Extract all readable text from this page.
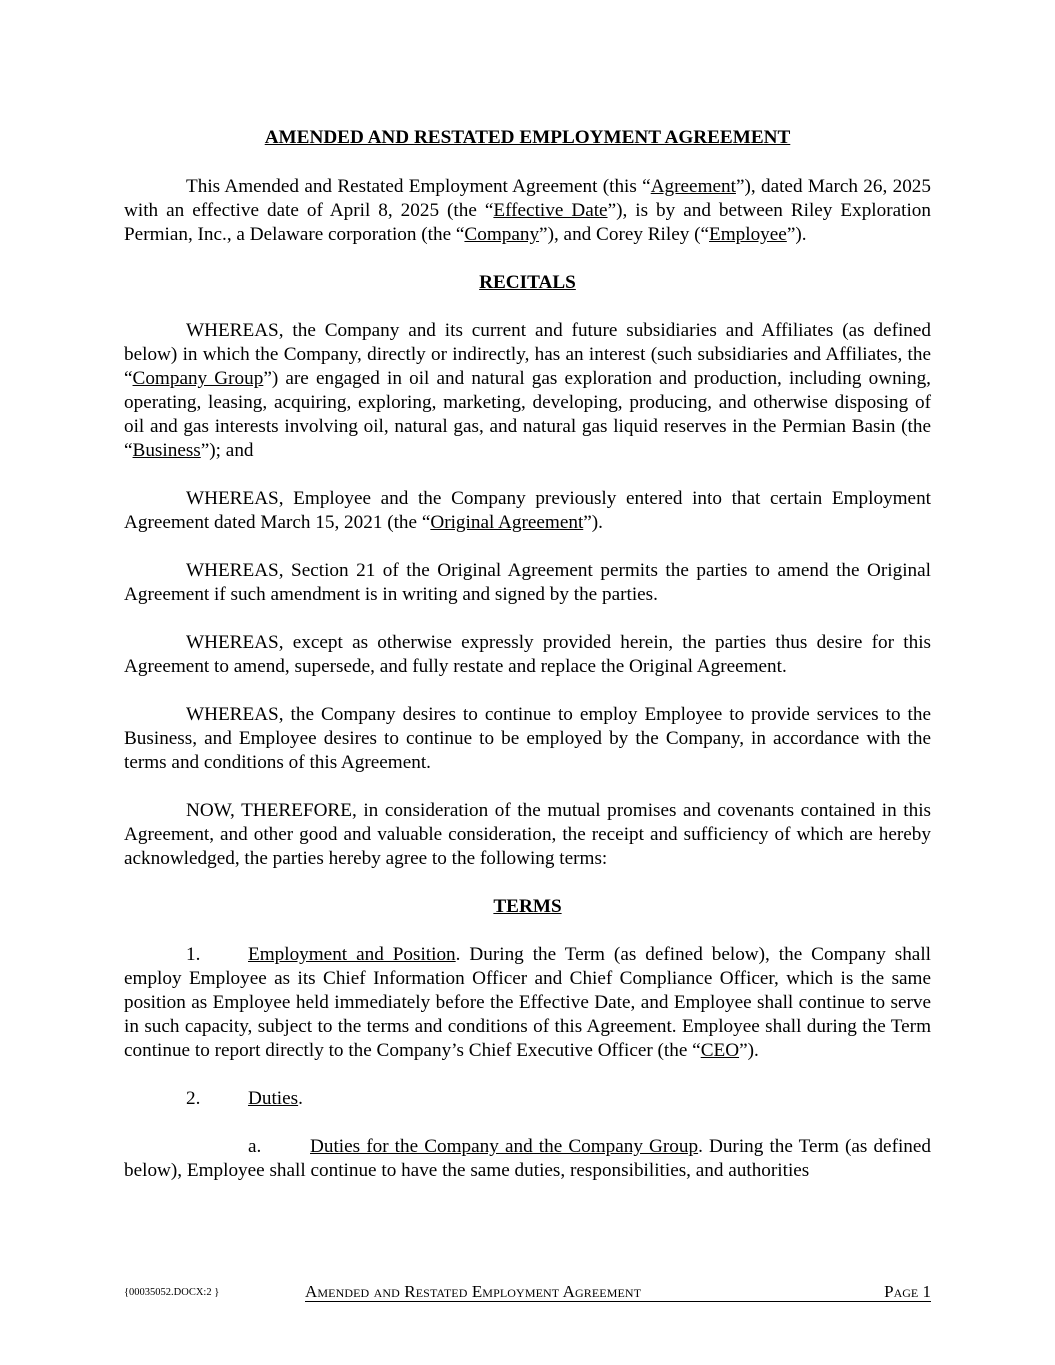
AMENDED AND RESTATED EMPLOYMENT AGREEMENT

This Amended and Restated Employment Agreement (this “Agreement”), dated March 26, 2025 with an effective date of April 8, 2025 (the “Effective Date”), is by and between Riley Exploration Permian, Inc., a Delaware corporation (the “Company”), and Corey Riley (“Employee”).

RECITALS

WHEREAS, the Company and its current and future subsidiaries and Affiliates (as defined below) in which the Company, directly or indirectly, has an interest (such subsidiaries and Affiliates, the “Company Group”) are engaged in oil and natural gas exploration and production, including owning, operating, leasing, acquiring, exploring, marketing, developing, producing, and otherwise disposing of oil and gas interests involving oil, natural gas, and natural gas liquid reserves in the Permian Basin (the “Business”); and

WHEREAS, Employee and the Company previously entered into that certain Employment Agreement dated March 15, 2021 (the “Original Agreement”).

WHEREAS, Section 21 of the Original Agreement permits the parties to amend the Original Agreement if such amendment is in writing and signed by the parties.

WHEREAS, except as otherwise expressly provided herein, the parties thus desire for this Agreement to amend, supersede, and fully restate and replace the Original Agreement.

WHEREAS, the Company desires to continue to employ Employee to provide services to the Business, and Employee desires to continue to be employed by the Company, in accordance with the terms and conditions of this Agreement.

NOW, THEREFORE, in consideration of the mutual promises and covenants contained in this Agreement, and other good and valuable consideration, the receipt and sufficiency of which are hereby acknowledged, the parties hereby agree to the following terms:

TERMS

1. Employment and Position. During the Term (as defined below), the Company shall employ Employee as its Chief Information Officer and Chief Compliance Officer, which is the same position as Employee held immediately before the Effective Date, and Employee shall continue to serve in such capacity, subject to the terms and conditions of this Agreement. Employee shall during the Term continue to report directly to the Company’s Chief Executive Officer (the “CEO”).

2. Duties.

a.	Duties for the Company and the Company Group. During the Term (as defined below), Employee shall continue to have the same duties, responsibilities, and authorities

{00035052.DOCX:2 }	Amended and Restated Employment Agreement	Page 1
